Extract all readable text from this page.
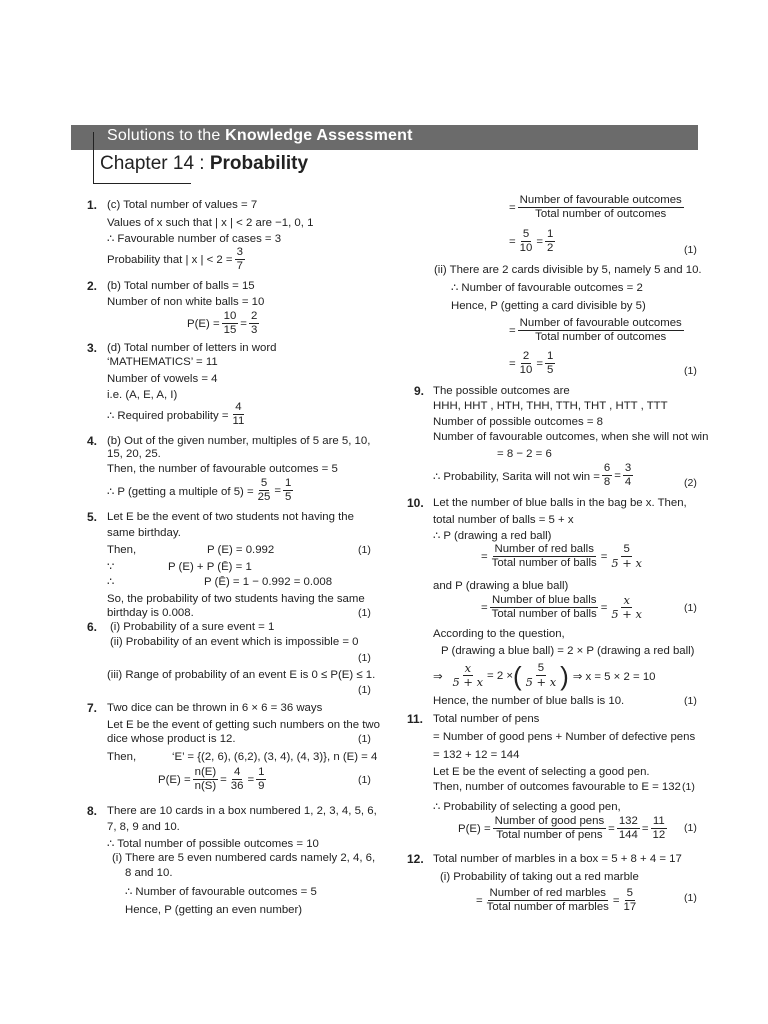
Solutions to the Knowledge Assessment
Chapter 14 : Probability
1. (c) Total number of values = 7
Values of x such that | x | < 2 are −1, 0, 1
∴ Favourable number of cases = 3
Probability that | x | < $2 = \frac{3}{7}$
2. (b) Total number of balls = 15
Number of non white balls = 10
$P(E) = \frac{10}{15} = \frac{2}{3}$
3. (d) Total number of letters in word
‘MATHEMATICS’ = 11
Number of vowels = 4
i.e. (A, E, A, I)
∴ Required probability = $\frac{4}{11}$
4. (b) Out of the given number, multiples of 5 are 5, 10,
15, 20, 25.
Then, the number of favourable outcomes = 5
∴ P (getting a multiple of $5) = \frac{5}{25} = \frac{1}{5}$
5. Let E be the event of two students not having the
same birthday.
Then,	P (E) = 0.992	(1)
∵	P (E) + P (Ē) = 1
∴	P (Ē) = 1 − 0.992 = 0.008
So, the probability of two students having the same
birthday is 0.008.	(1)
6. (i) Probability of a sure event = 1
(ii) Probability of an event which is impossible = 0
(1)
(iii) Range of probability of an event E is 0 ≤ P(E) ≤ 1.
(1)
7. Two dice can be thrown in 6 × 6 = 36 ways
Let E be the event of getting such numbers on the two
dice whose product is 12.	(1)
Then,	‘E’ = {(2, 6), (6,2), (3, 4), (4, 3)}, n (E) = 4
$P(E) = \frac{n(E)}{n(S)} = \frac{4}{36} = \frac{1}{9}$	(1)
8. There are 10 cards in a box numbered 1, 2, 3, 4, 5, 6,
7, 8, 9 and 10.
∴ Total number of possible outcomes = 10
(i) There are 5 even numbered cards namely 2, 4, 6,
8 and 10.
∴ Number of favourable outcomes = 5
Hence, P (getting an even number)
=
Number of favourable outcomes
Total number of outcomes
= $\frac{5}{10} = \frac{1}{2}$	(1)
(ii) There are 2 cards divisible by 5, namely 5 and 10.
∴ Number of favourable outcomes = 2
Hence, P (getting a card divisible by 5)
=
Number of favourable outcomes
Total number of outcomes
= $\frac{2}{10} = \frac{1}{5}$	(1)
9. The possible outcomes are
HHH, HHT , HTH, THH, TTH, THT , HTT , TTT
Number of possible outcomes = 8
Number of favourable outcomes, when she will not win
= 8 − 2 = 6
∴ Probability, Sarita will not win = $\frac{6}{8} = \frac{3}{4}$	(2)
10. Let the number of blue balls in the bag be x. Then,
total number of balls = 5 + x
∴ P (drawing a red ball)
=
Number of red balls
Total number of balls
= $\frac{5}{5 + x}$
and P (drawing a blue ball)
=
Number of blue balls
Total number of balls
= $\frac{x}{5 + x}$	(1)
According to the question,
P (drawing a blue ball) = 2 × P (drawing a red ball)
⇒ $\frac{x}{5 + x} = 2$ × ( $\frac{5}{5 + x}$ ) ⇒ x = 5 × 2 = 10
Hence, the number of blue balls is 10.	(1)
11. Total number of pens
= Number of good pens + Number of defective pens
= 132 + 12 = 144
Let E be the event of selecting a good pen.
Then, number of outcomes favourable to E = 132 (1)
∴ Probability of selecting a good pen,
P(E) =
Number of good pens
Total number of pens
= $\frac{132}{144} = \frac{11}{12} (1)$
12. Total number of marbles in a box = 5 + 8 + 4 = 17
(i) Probability of taking out a red marble
=
Number of red marbles
Total number of marbles
= $\frac{5}{17}$	(1)
